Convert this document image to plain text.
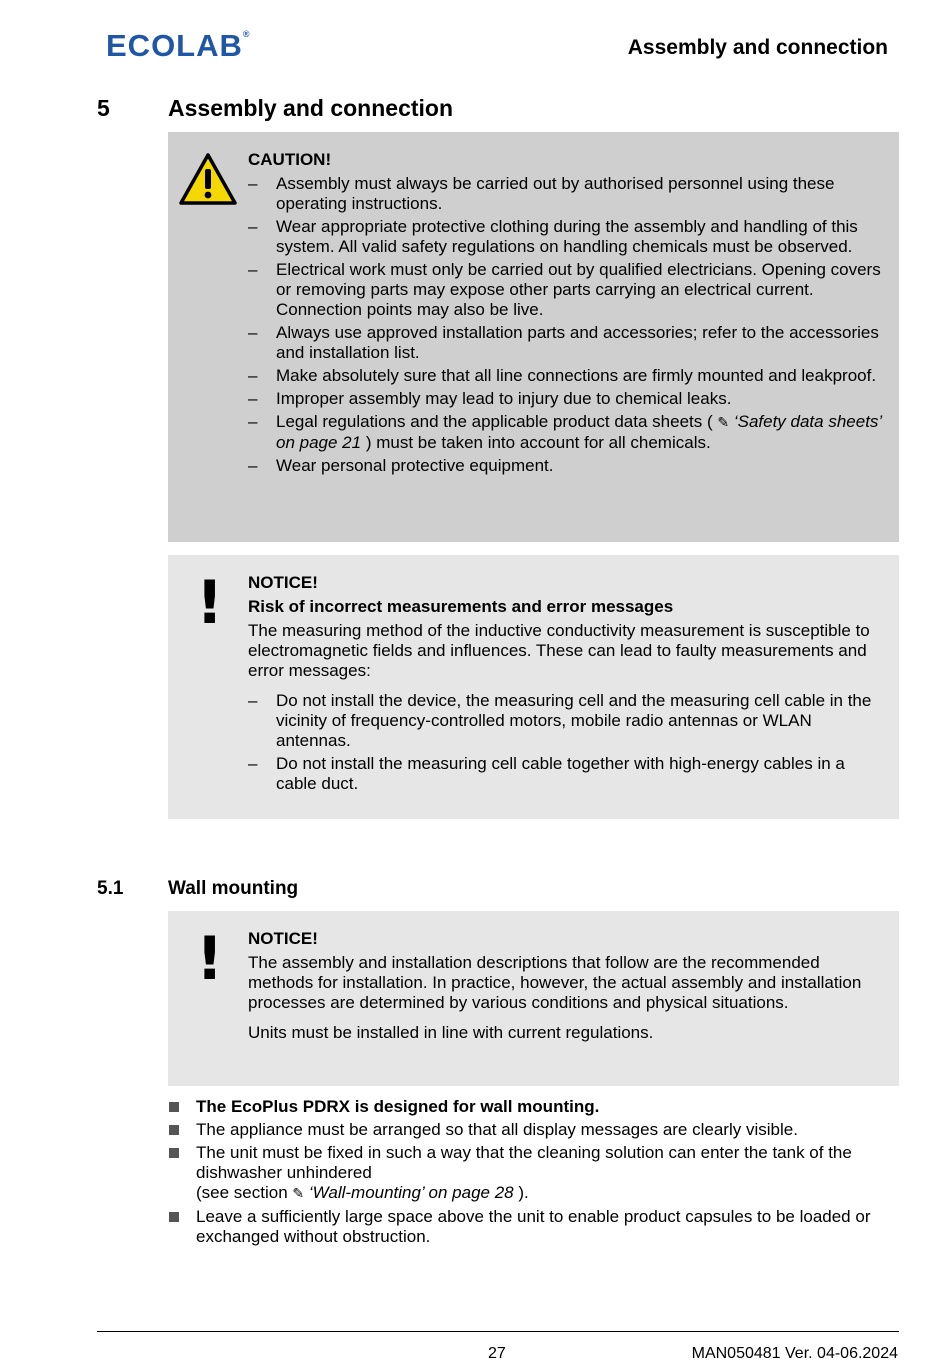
ECOLAB®
Assembly and connection
5	Assembly and connection
CAUTION!
– Assembly must always be carried out by authorised personnel using these operating instructions.
– Wear appropriate protective clothing during the assembly and handling of this system. All valid safety regulations on handling chemicals must be observed.
– Electrical work must only be carried out by qualified electricians. Opening covers or removing parts may expose other parts carrying an electrical current. Connection points may also be live.
– Always use approved installation parts and accessories; refer to the accessories and installation list.
– Make absolutely sure that all line connections are firmly mounted and leakproof.
– Improper assembly may lead to injury due to chemical leaks.
– Legal regulations and the applicable product data sheets ( ✎ ‘Safety data sheets’ on page 21 ) must be taken into account for all chemicals.
– Wear personal protective equipment.
! NOTICE!
Risk of incorrect measurements and error messages
The measuring method of the inductive conductivity measurement is susceptible to electromagnetic fields and influences. These can lead to faulty measurements and error messages:
– Do not install the device, the measuring cell and the measuring cell cable in the vicinity of frequency-controlled motors, mobile radio antennas or WLAN antennas.
– Do not install the measuring cell cable together with high-energy cables in a cable duct.
5.1 Wall mounting
! NOTICE!
The assembly and installation descriptions that follow are the recommended methods for installation. In practice, however, the actual assembly and installation processes are determined by various conditions and physical situations.
Units must be installed in line with current regulations.
The EcoPlus PDRX is designed for wall mounting.
The appliance must be arranged so that all display messages are clearly visible.
The unit must be fixed in such a way that the cleaning solution can enter the tank of the dishwasher unhindered
(see section ✎ ‘Wall-mounting’ on page 28 ).
Leave a sufficiently large space above the unit to enable product capsules to be loaded or exchanged without obstruction.
27	MAN050481 Ver. 04-06.2024
